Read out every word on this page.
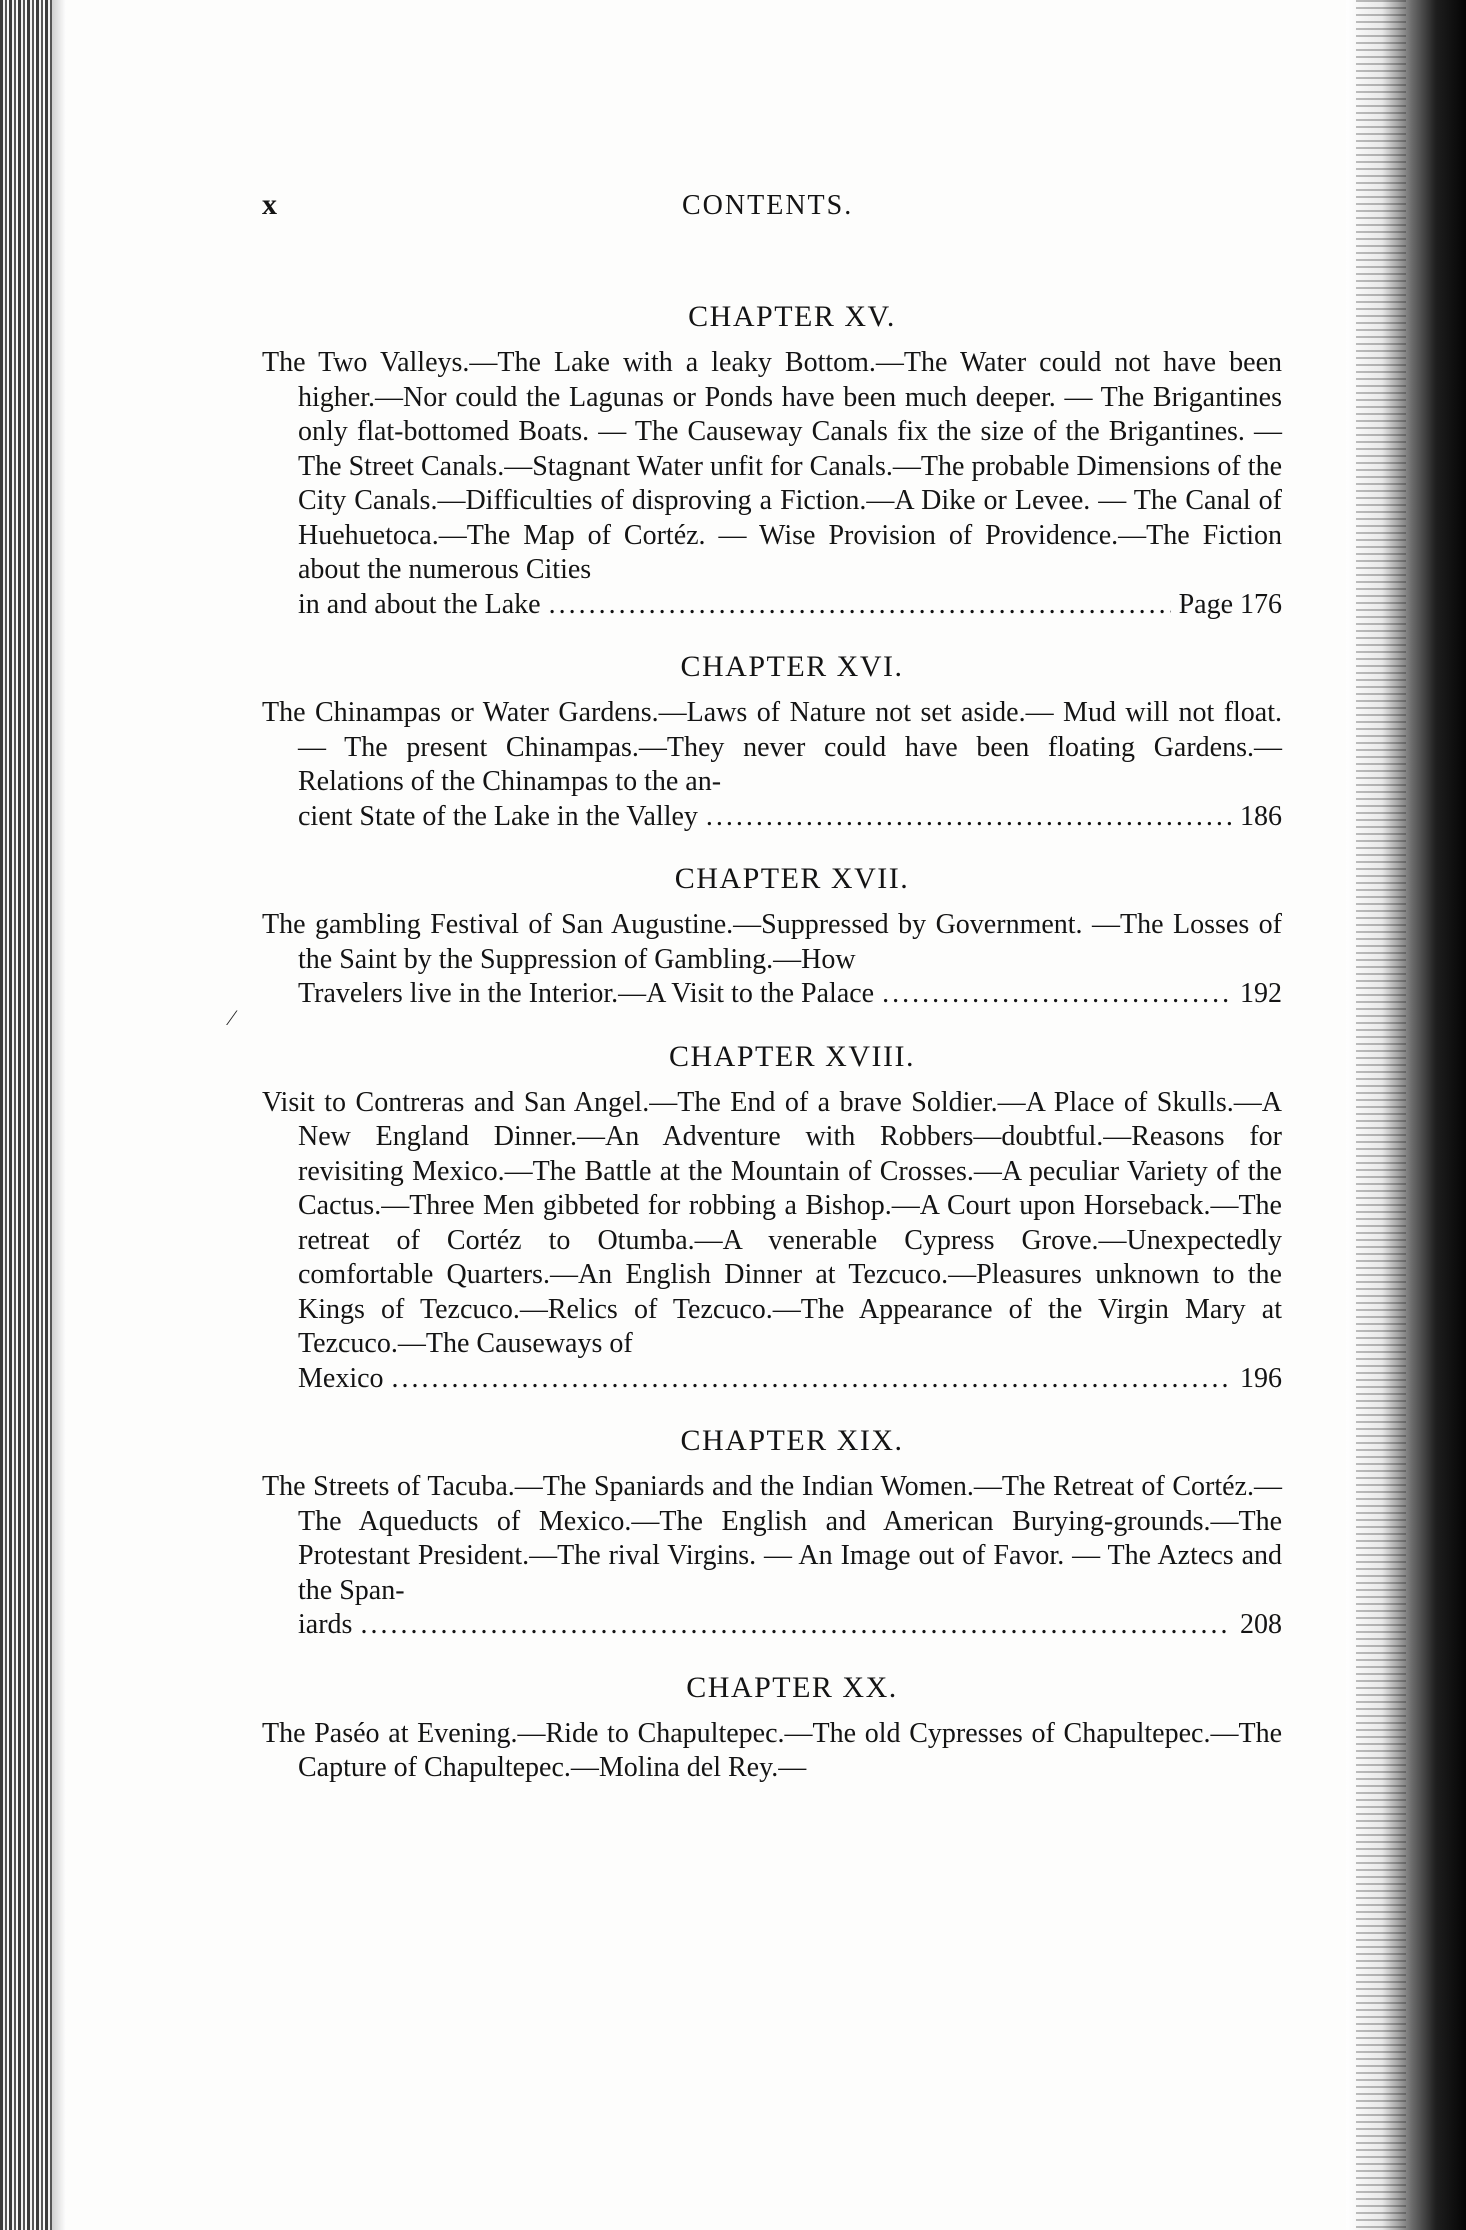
x	CONTENTS.
⁄
CHAPTER XV.

The Two Valleys.—The Lake with a leaky Bottom.—The Water could not have been higher.—Nor could the Lagunas or Ponds have been much deeper. — The Brigantines only flat-bottomed Boats. — The Causeway Canals fix the size of the Brigantines. — The Street Canals.—Stagnant Water unfit for Canals.—The probable Dimensions of the City Canals.—Difficulties of disproving a Fiction.—A Dike or Levee. — The Canal of Huehuetoca.—The Map of Cortéz. — Wise Provision of Providence.—The Fiction about the numerous Cities

in and about the Lake . . .	Page 176
CHAPTER XVI.

The Chinampas or Water Gardens.—Laws of Nature not set aside.— Mud will not float. — The present Chinampas.—They never could have been floating Gardens.—Relations of the Chinampas to the an-

cient State of the Lake in the Valley . . .	186
CHAPTER XVII.

The gambling Festival of San Augustine.—Suppressed by Government. —The Losses of the Saint by the Suppression of Gambling.—How

Travelers live in the Interior.—A Visit to the Palace . . .	192
CHAPTER XVIII.

Visit to Contreras and San Angel.—The End of a brave Soldier.—A Place of Skulls.—A New England Dinner.—An Adventure with Robbers—doubtful.—Reasons for revisiting Mexico.—The Battle at the Mountain of Crosses.—A peculiar Variety of the Cactus.—Three Men gibbeted for robbing a Bishop.—A Court upon Horseback.—The retreat of Cortéz to Otumba.—A venerable Cypress Grove.—Unexpectedly comfortable Quarters.—An English Dinner at Tezcuco.—Pleasures unknown to the Kings of Tezcuco.—Relics of Tezcuco.—The Appearance of the Virgin Mary at Tezcuco.—The Causeways of

Mexico . . .	196
CHAPTER XIX.

The Streets of Tacuba.—The Spaniards and the Indian Women.—The Retreat of Cortéz.—The Aqueducts of Mexico.—The English and American Burying-grounds.—The Protestant President.—The rival Virgins. — An Image out of Favor. — The Aztecs and the Span-

iards . . .	208
CHAPTER XX.

The Paséo at Evening.—Ride to Chapultepec.—The old Cypresses of Chapultepec.—The Capture of Chapultepec.—Molina del Rey.—
